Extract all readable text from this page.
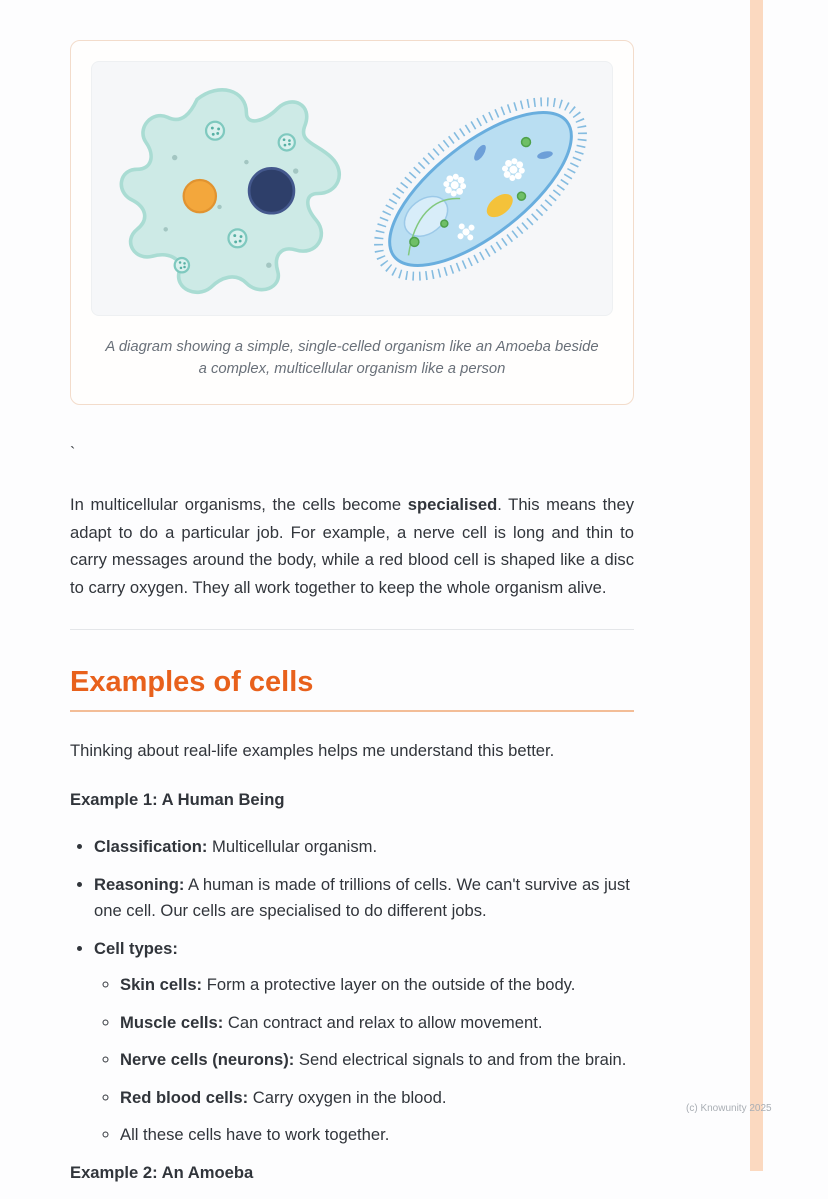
A diagram showing a simple, single-celled organism like an Amoeba beside a complex, multicellular organism like a person

`

In multicellular organisms, the cells become specialised. This means they adapt to do a particular job. For example, a nerve cell is long and thin to carry messages around the body, while a red blood cell is shaped like a disc to carry oxygen. They all work together to keep the whole organism alive.

Examples of cells

Thinking about real-life examples helps me understand this better.

Example 1: A Human Being

• Classification: Multicellular organism.
• Reasoning: A human is made of trillions of cells. We can't survive as just one cell. Our cells are specialised to do different jobs.
• Cell types:
◦ Skin cells: Form a protective layer on the outside of the body.
◦ Muscle cells: Can contract and relax to allow movement.
◦ Nerve cells (neurons): Send electrical signals to and from the brain.
◦ Red blood cells: Carry oxygen in the blood.
◦ All these cells have to work together.

Example 2: An Amoeba

(c) Knowunity 2025
